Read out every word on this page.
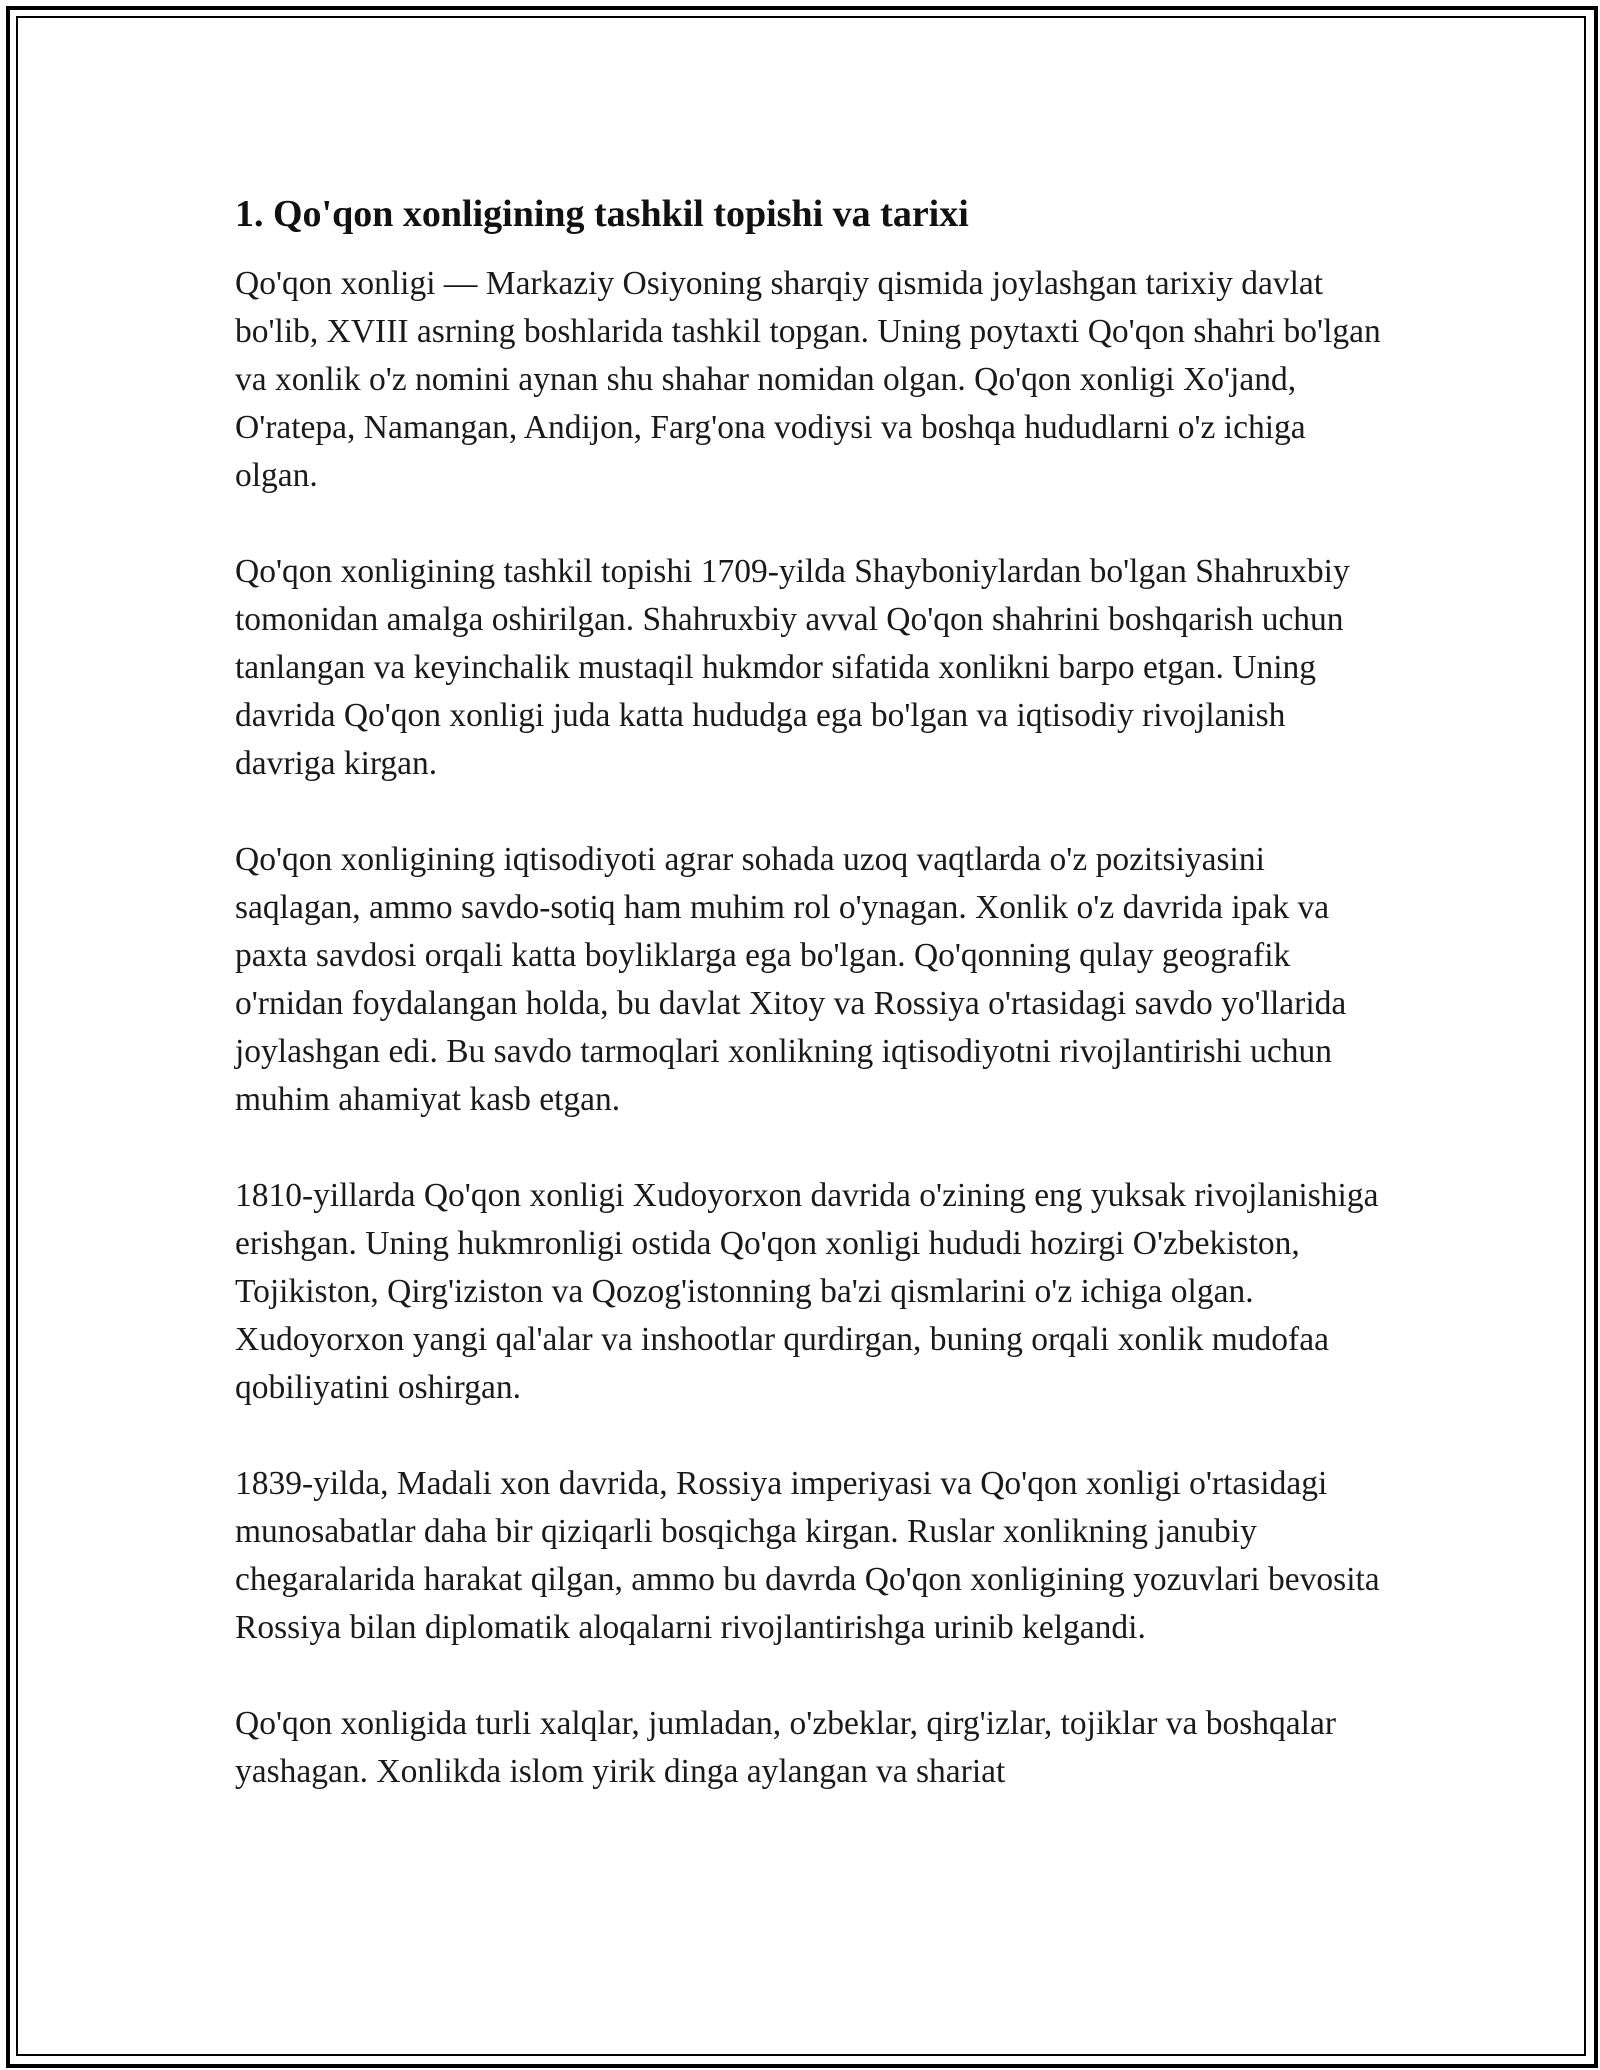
1. Qo'qon xonligining tashkil topishi va tarixi

Qo'qon xonligi — Markaziy Osiyoning sharqiy qismida joylashgan tarixiy davlat bo'lib, XVIII asrning boshlarida tashkil topgan. Uning poytaxti Qo'qon shahri bo'lgan va xonlik o'z nomini aynan shu shahar nomidan olgan. Qo'qon xonligi Xo'jand, O'ratepa, Namangan, Andijon, Farg'ona vodiysi va boshqa hududlarni o'z ichiga olgan.

Qo'qon xonligining tashkil topishi 1709-yilda Shayboniylardan bo'lgan Shahruxbiy tomonidan amalga oshirilgan. Shahruxbiy avval Qo'qon shahrini boshqarish uchun tanlangan va keyinchalik mustaqil hukmdor sifatida xonlikni barpo etgan. Uning davrida Qo'qon xonligi juda katta hududga ega bo'lgan va iqtisodiy rivojlanish davriga kirgan.

Qo'qon xonligining iqtisodiyoti agrar sohada uzoq vaqtlarda o'z pozitsiyasini saqlagan, ammo savdo-sotiq ham muhim rol o'ynagan. Xonlik o'z davrida ipak va paxta savdosi orqali katta boyliklarga ega bo'lgan. Qo'qonning qulay geografik o'rnidan foydalangan holda, bu davlat Xitoy va Rossiya o'rtasidagi savdo yo'llarida joylashgan edi. Bu savdo tarmoqlari xonlikning iqtisodiyotni rivojlantirishi uchun muhim ahamiyat kasb etgan.

1810-yillarda Qo'qon xonligi Xudoyorxon davrida o'zining eng yuksak rivojlanishiga erishgan. Uning hukmronligi ostida Qo'qon xonligi hududi hozirgi O'zbekiston, Tojikiston, Qirg'iziston va Qozog'istonning ba'zi qismlarini o'z ichiga olgan. Xudoyorxon yangi qal'alar va inshootlar qurdirgan, buning orqali xonlik mudofaa qobiliyatini oshirgan.

1839-yilda, Madali xon davrida, Rossiya imperiyasi va Qo'qon xonligi o'rtasidagi munosabatlar daha bir qiziqarli bosqichga kirgan. Ruslar xonlikning janubiy chegaralarida harakat qilgan, ammo bu davrda Qo'qon xonligining yozuvlari bevosita Rossiya bilan diplomatik aloqalarni rivojlantirishga urinib kelgandi.

Qo'qon xonligida turli xalqlar, jumladan, o'zbeklar, qirg'izlar, tojiklar va boshqalar yashagan. Xonlikda islom yirik dinga aylangan va shariat
